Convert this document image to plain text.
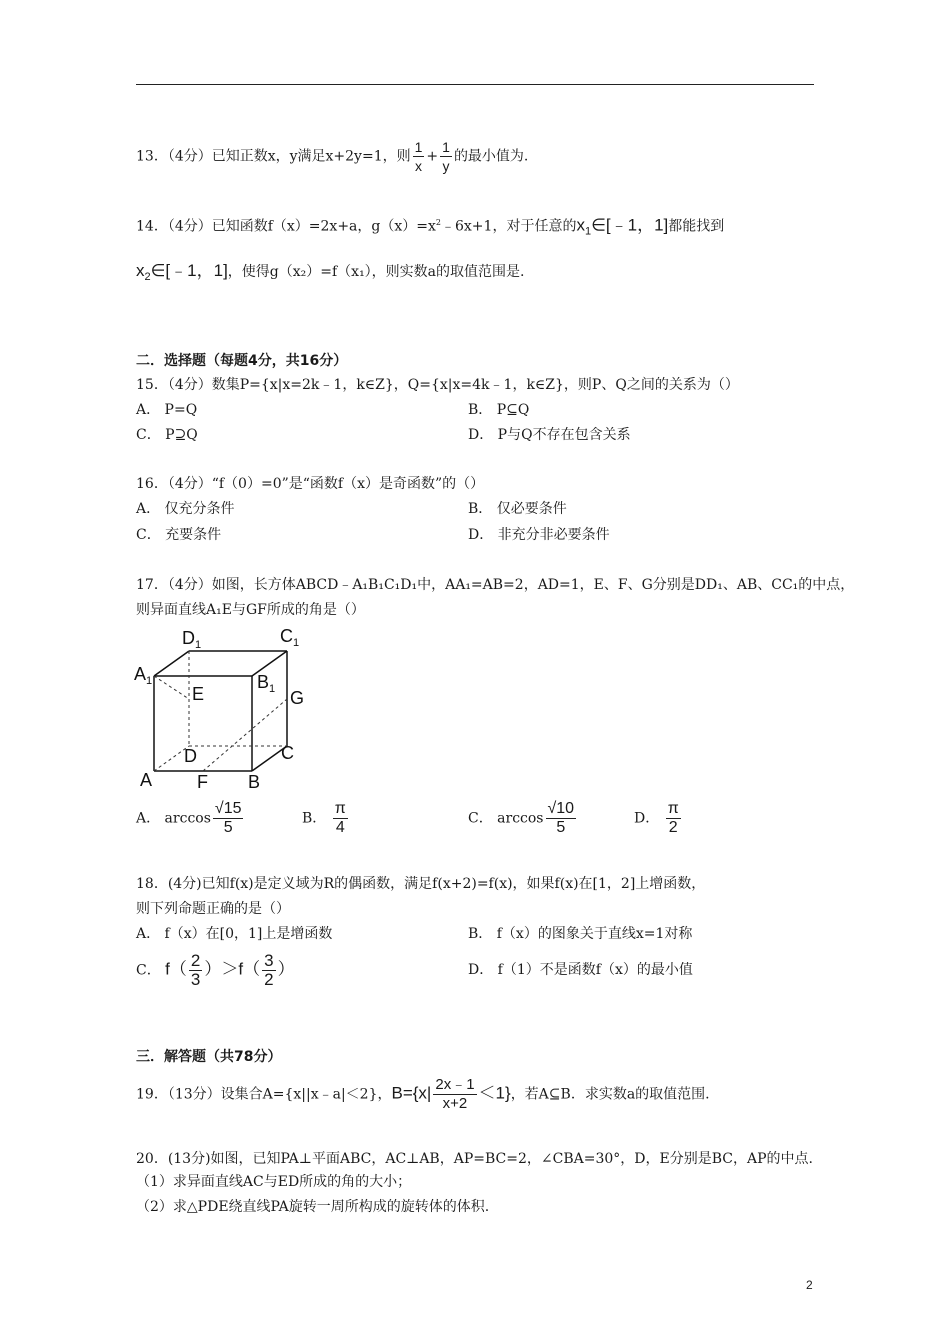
13．（4分）已知正数x，y满足x+2y=1，则 $\frac{1}{x} + \frac{1}{y}$ 的最小值为.
14．（4分）已知函数f（x）=2x+a，$g(x)=x^2﹣6x+1$，对于任意的$x_1\in[﹣1$，1]都能找到
$x_2\in[﹣1$，1]，使得g（x₂）=f（x₁），则实数a的取值范围是.
二．选择题（每题4分，共16分）
15．（4分）数集P={x|x=2k﹣1，k∈Z}，Q={x|x=4k﹣1，k∈Z}，则P、Q之间的关系为（）
A． P=Q	B． P⊆Q
C． P⊇Q	D． P与Q不存在包含关系
16．（4分）“f（0）=0”是“函数f（x）是奇函数”的（）
A． 仅充分条件	B． 仅必要条件
C． 充要条件	D． 非充分非必要条件
17．（4分）如图，长方体ABCD﹣A₁B₁C₁D₁中，AA₁=AB=2，AD=1，E、F、G分别是DD₁、AB、CC₁的中点，
则异面直线A₁E与GF所成的角是（）
$D_1$	$C_1$
$A_1$	$B_1$
E	G
D	C
A F B
A． $\arccos \frac{√15}{5}$	B． $\frac{\pi}{4}$	C． $\arccos \frac{√10}{5}$	D． $\frac{\pi}{2}$
18．(4分)已知f(x)是定义域为R的偶函数，满足f(x+2)=f(x)，如果f(x)在[1，2]上增函数，
则下列命题正确的是（）
A． f（x）在[0，1]上是增函数	B． f（x）的图象关于直线x=1对称
C． $f( \frac{2}{3} )>f( \frac{3}{2}$ ）	D． f（1）不是函数f（x）的最小值
三．解答题（共78分）
19．（13分）设集合A={x||x﹣a|＜2}，$B=\{x| \frac{2x﹣1}{x+2} <1\}$，若A⊆B．求实数a的取值范围.
20．(13分)如图，已知PA⊥平面ABC，AC⊥AB，AP=BC=2，∠CBA=30°，D，E分别是BC，AP的中点.
（1）求异面直线AC与ED所成的角的大小；
（2）求△PDE绕直线PA旋转一周所构成的旋转体的体积.
2
